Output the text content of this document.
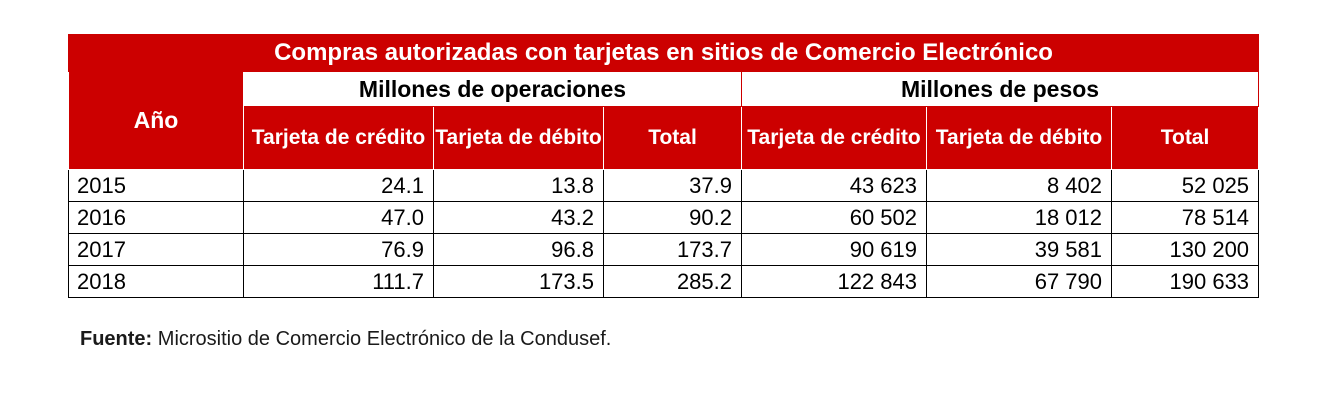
Compras autorizadas con tarjetas en sitios de Comercio Electrónico						
Año	Millones de operaciones			Millones de pesos		
	Tarjeta de crédito	Tarjeta de débito	Total	Tarjeta de crédito	Tarjeta de débito	Total
2015	24.1	13.8	37.9	43 623	8 402	52 025
2016	47.0	43.2	90.2	60 502	18 012	78 514
2017	76.9	96.8	173.7	90 619	39 581	130 200
2018	111.7	173.5	285.2	122 843	67 790	190 633
Fuente: Micrositio de Comercio Electrónico de la Condusef.
